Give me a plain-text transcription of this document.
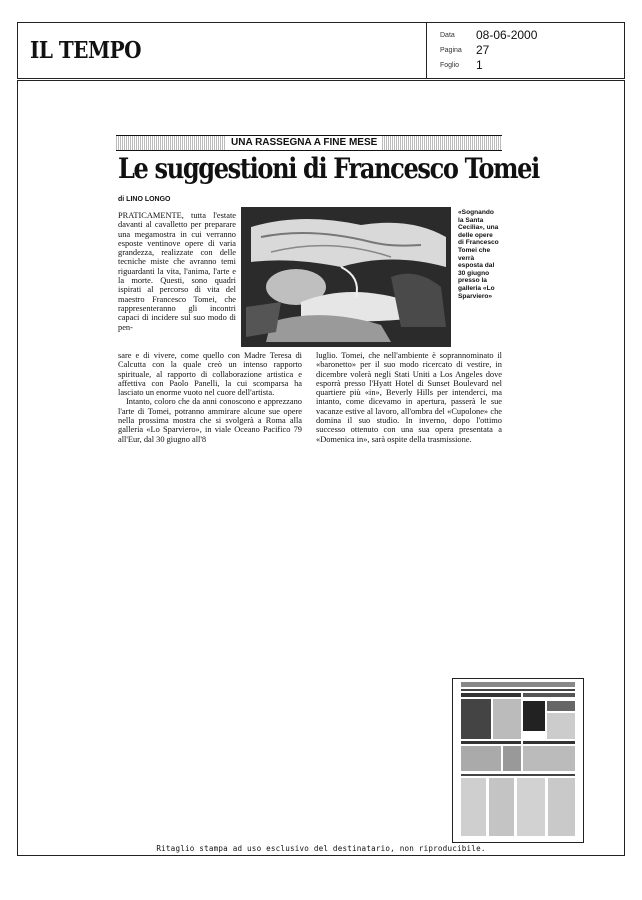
IL TEMPO
Data 08-06-2000
Pagina 27
Foglio 1
UNA RASSEGNA A FINE MESE
Le suggestioni di Francesco Tomei
di LINO LONGO
PRATICAMENTE, tutta l'estate davanti al cavalletto per preparare una megamostra in cui verranno esposte ventinove opere di varia grandezza, realizzate con delle tecniche miste che avranno temi riguardanti la vita, l'anima, l'arte e la morte. Questi, sono quadri ispirati al percorso di vita del maestro Francesco Tomei, che rappresenteranno gli incontri capaci di incidere sul suo modo di pen-
«Sognando la Santa Cecilia», una delle opere di Francesco Tomei che verrà esposta dal 30 giugno presso la galleria «Lo Sparviero»

sare e di vivere, come quello con Madre Teresa di Calcutta con la quale creò un intenso rapporto spirituale, al rapporto di collaborazione artistica e affettiva con Paolo Panelli, la cui scomparsa ha lasciato un enorme vuoto nel cuore dell'artista.

Intanto, coloro che da anni conoscono e apprezzano l'arte di Tomei, potranno ammirare alcune sue opere nella prossima mostra che si svolgerà a Roma alla galleria «Lo Sparviero», in viale Oceano Pacifico 79 all'Eur, dal 30 giugno all'8

luglio. Tomei, che nell'ambiente è soprannominato il «baronetto» per il suo modo ricercato di vestire, in dicembre volerà negli Stati Uniti a Los Angeles dove esporrà presso l'Hyatt Hotel di Sunset Boulevard nel quartiere più «in», Beverly Hills per intenderci, ma intanto, come dicevamo in apertura, passerà le sue vacanze estive al lavoro, all'ombra del «Cupolone» che domina il suo studio. In inverno, dopo l'ottimo successo ottenuto con una sua opera presentata a «Domenica in», sarà ospite della trasmissione.
Ritaglio stampa ad uso esclusivo del destinatario, non riproducibile.
